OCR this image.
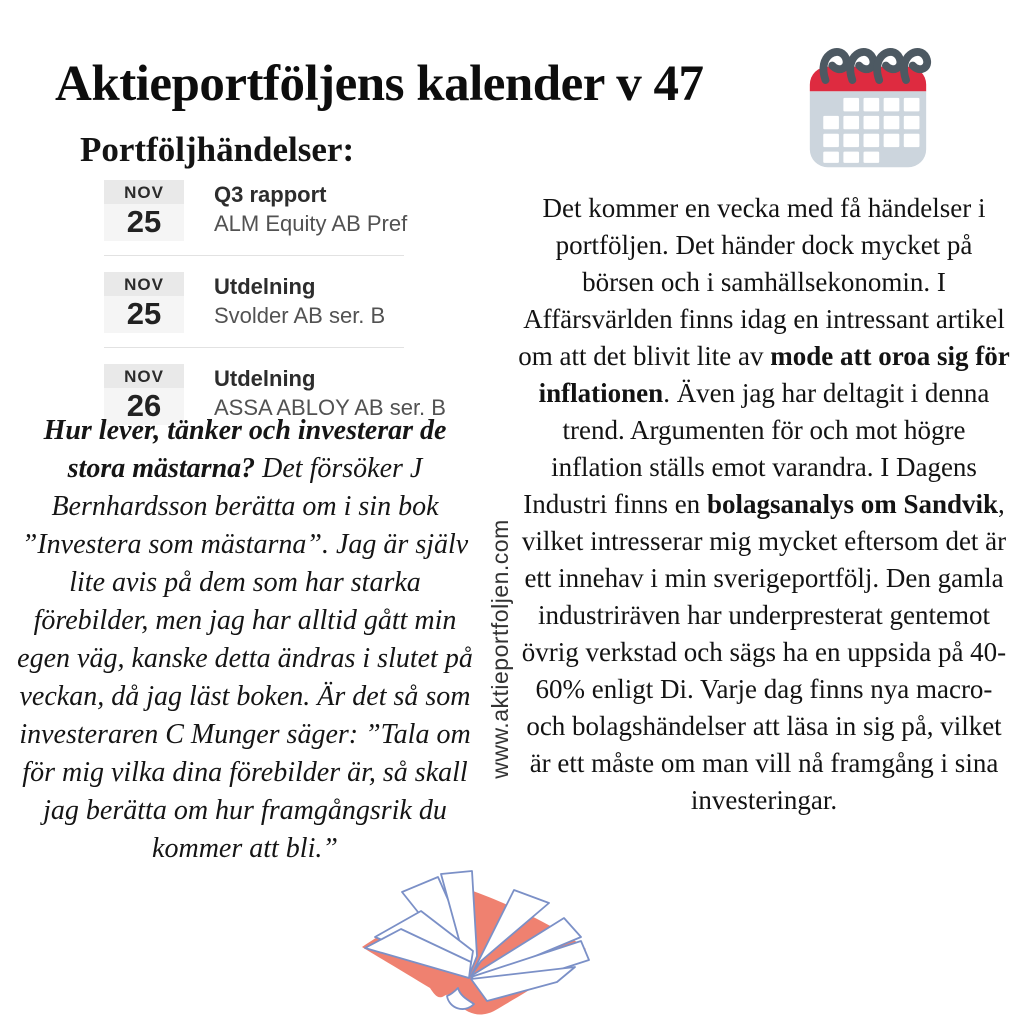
Aktieportföljens kalender v 47
Portföljhändelser:
NOV
25
Q3 rapport
ALM Equity AB Pref
NOV
25
Utdelning
Svolder AB ser. B
NOV
26
Utdelning
ASSA ABLOY AB ser. B
Hur lever, tänker och investerar de stora mästarna? Det försöker J Bernhardsson berätta om i sin bok ”Investera som mästarna”. Jag är själv lite avis på dem som har starka förebilder, men jag har alltid gått min egen väg, kanske detta ändras i slutet på veckan, då jag läst boken. Är det så som investeraren C Munger säger: ”Tala om för mig vilka dina förebilder är, så skall jag berätta om hur framgångsrik du kommer att bli.”
www.aktieportfoljen.com
Det kommer en vecka med få händelser i portföljen. Det händer dock mycket på börsen och i samhällsekonomin. I Affärsvärlden finns idag en intressant artikel om att det blivit lite av mode att oroa sig för inflationen. Även jag har deltagit i denna trend. Argumenten för och mot högre inflation ställs emot varandra. I Dagens Industri finns en bolagsanalys om Sandvik, vilket intresserar mig mycket eftersom det är ett innehav i min sverigeportfölj. Den gamla industriräven har underpresterat gentemot övrig verkstad och sägs ha en uppsida på 40-60% enligt Di. Varje dag finns nya macro- och bolagshändelser att läsa in sig på, vilket är ett måste om man vill nå framgång i sina investeringar.
